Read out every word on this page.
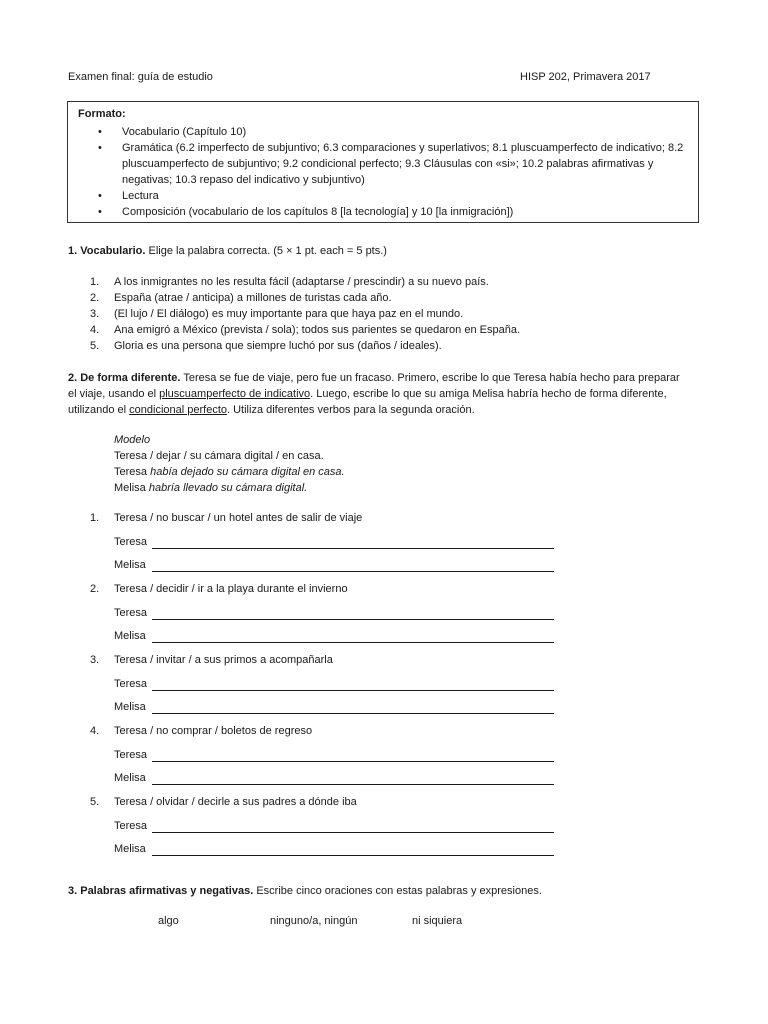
Examen final: guía de estudio	HISP 202, Primavera 2017
Formato:
• Vocabulario (Capítulo 10)
• Gramática (6.2 imperfecto de subjuntivo; 6.3 comparaciones y superlativos; 8.1 pluscuamperfecto de indicativo; 8.2 pluscuamperfecto de subjuntivo; 9.2 condicional perfecto; 9.3 Cláusulas con «si»; 10.2 palabras afirmativas y negativas; 10.3 repaso del indicativo y subjuntivo)
• Lectura
• Composición (vocabulario de los capítulos 8 [la tecnología] y 10 [la inmigración])
1. Vocabulario. Elige la palabra correcta. (5 × 1 pt. each = 5 pts.)
1. A los inmigrantes no les resulta fácil (adaptarse / prescindir) a su nuevo país.
2. España (atrae / anticipa) a millones de turistas cada año.
3. (El lujo / El diálogo) es muy importante para que haya paz en el mundo.
4. Ana emigró a México (prevista / sola); todos sus parientes se quedaron en España.
5. Gloria es una persona que siempre luchó por sus (daños / ideales).
2. De forma diferente. Teresa se fue de viaje, pero fue un fracaso. Primero, escribe lo que Teresa había hecho para preparar el viaje, usando el pluscuamperfecto de indicativo. Luego, escribe lo que su amiga Melisa habría hecho de forma diferente, utilizando el condicional perfecto. Utiliza diferentes verbos para la segunda oración.
Modelo
Teresa / dejar / su cámara digital / en casa.
Teresa había dejado su cámara digital en casa.
Melisa habría llevado su cámara digital.
1. Teresa / no buscar / un hotel antes de salir de viaje
Teresa
Melisa
2. Teresa / decidir / ir a la playa durante el invierno
Teresa
Melisa
3. Teresa / invitar / a sus primos a acompañarla
Teresa
Melisa
4. Teresa / no comprar / boletos de regreso
Teresa
Melisa
5. Teresa / olvidar / decirle a sus padres a dónde iba
Teresa
Melisa
3. Palabras afirmativas y negativas. Escribe cinco oraciones con estas palabras y expresiones.
algo	ninguno/a, ningún	ni siquiera
